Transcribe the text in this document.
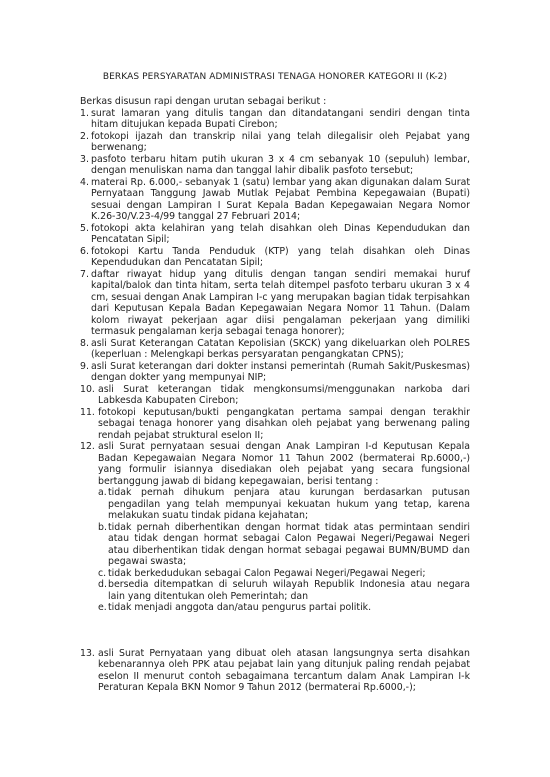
BERKAS PERSYARATAN ADMINISTRASI TENAGA HONORER KATEGORI II (K-2)
Berkas disusun rapi dengan urutan sebagai berikut :
1. surat lamaran yang ditulis tangan dan ditandatangani sendiri dengan tinta hitam ditujukan kepada Bupati Cirebon;
2. fotokopi ijazah dan transkrip nilai yang telah dilegalisir oleh Pejabat yang berwenang;
3. pasfoto terbaru hitam putih ukuran 3 x 4 cm sebanyak 10 (sepuluh) lembar, dengan menuliskan nama dan tanggal lahir dibalik pasfoto tersebut;
4. materai Rp. 6.000,- sebanyak 1 (satu) lembar yang akan digunakan dalam Surat Pernyataan Tanggung Jawab Mutlak Pejabat Pembina Kepegawaian (Bupati) sesuai dengan Lampiran I Surat Kepala Badan Kepegawaian Negara Nomor K.26-30/V.23-4/99 tanggal 27 Februari 2014;
5. fotokopi akta kelahiran yang telah disahkan oleh Dinas Kependudukan dan Pencatatan Sipil;
6. fotokopi Kartu Tanda Penduduk (KTP) yang telah disahkan oleh Dinas Kependudukan dan Pencatatan Sipil;
7. daftar riwayat hidup yang ditulis dengan tangan sendiri memakai huruf kapital/balok dan tinta hitam, serta telah ditempel pasfoto terbaru ukuran 3 x 4 cm, sesuai dengan Anak Lampiran I-c yang merupakan bagian tidak terpisahkan dari Keputusan Kepala Badan Kepegawaian Negara Nomor 11 Tahun. (Dalam kolom riwayat pekerjaan agar diisi pengalaman pekerjaan yang dimiliki termasuk pengalaman kerja sebagai tenaga honorer);
8. asli Surat Keterangan Catatan Kepolisian (SKCK) yang dikeluarkan oleh POLRES (keperluan : Melengkapi berkas persyaratan pengangkatan CPNS);
9. asli Surat keterangan dari dokter instansi pemerintah (Rumah Sakit/Puskesmas) dengan dokter yang mempunyai NIP;
10. asli Surat keterangan tidak mengkonsumsi/menggunakan narkoba dari Labkesda Kabupaten Cirebon;
11. fotokopi keputusan/bukti pengangkatan pertama sampai dengan terakhir sebagai tenaga honorer yang disahkan oleh pejabat yang berwenang paling rendah pejabat struktural eselon II;
12. asli Surat pernyataan sesuai dengan Anak Lampiran I-d Keputusan Kepala Badan Kepegawaian Negara Nomor 11 Tahun 2002 (bermaterai Rp.6000,-) yang formulir isiannya disediakan oleh pejabat yang secara fungsional bertanggung jawab di bidang kepegawaian, berisi tentang :
a. tidak pernah dihukum penjara atau kurungan berdasarkan putusan pengadilan yang telah mempunyai kekuatan hukum yang tetap, karena melakukan suatu tindak pidana kejahatan;
b. tidak pernah diberhentikan dengan hormat tidak atas permintaan sendiri atau tidak dengan hormat sebagai Calon Pegawai Negeri/Pegawai Negeri atau diberhentikan tidak dengan hormat sebagai pegawai BUMN/BUMD dan pegawai swasta;
c. tidak berkedudukan sebagai Calon Pegawai Negeri/Pegawai Negeri;
d. bersedia ditempatkan di seluruh wilayah Republik Indonesia atau negara lain yang ditentukan oleh Pemerintah; dan
e. tidak menjadi anggota dan/atau pengurus partai politik.
13. asli Surat Pernyataan yang dibuat oleh atasan langsungnya serta disahkan kebenarannya oleh PPK atau pejabat lain yang ditunjuk paling rendah pejabat eselon II menurut contoh sebagaimana tercantum dalam Anak Lampiran I-k Peraturan Kepala BKN Nomor 9 Tahun 2012 (bermaterai Rp.6000,-);
